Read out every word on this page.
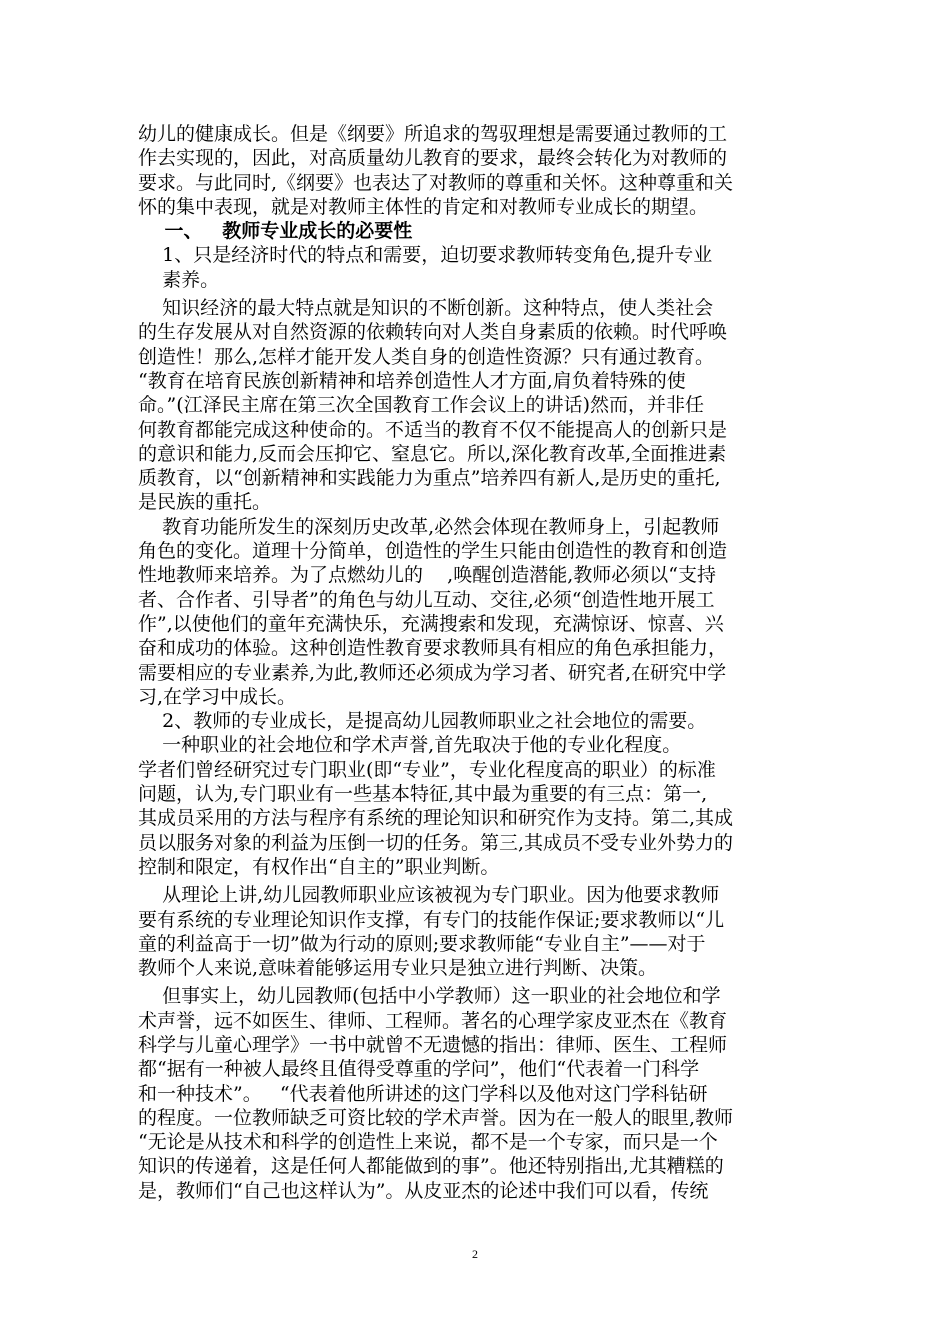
幼儿的健康成长。但是《纲要》所追求的驾驭理想是需要通过教师的工
作去实现的，因此，对高质量幼儿教育的要求，最终会转化为对教师的
要求。与此同时,《纲要》也表达了对教师的尊重和关怀。这种尊重和关
怀的集中表现，就是对教师主体性的肯定和对教师专业成长的期望。
一、   教师专业成长的必要性
1、只是经济时代的特点和需要，迫切要求教师转变角色,提升专业
素养。
知识经济的最大特点就是知识的不断创新。这种特点，使人类社会
的生存发展从对自然资源的依赖转向对人类自身素质的依赖。时代呼唤
创造性！那么,怎样才能开发人类自身的创造性资源？只有通过教育。
“教育在培育民族创新精神和培养创造性人才方面,肩负着特殊的使
命。”(江泽民主席在第三次全国教育工作会议上的讲话)然而，并非任
何教育都能完成这种使命的。不适当的教育不仅不能提高人的创新只是
的意识和能力,反而会压抑它、窒息它。所以,深化教育改革,全面推进素
质教育，以“创新精神和实践能力为重点”培养四有新人,是历史的重托,
是民族的重托。
教育功能所发生的深刻历史改革,必然会体现在教师身上，引起教师
角色的变化。道理十分简单，创造性的学生只能由创造性的教育和创造
性地教师来培养。为了点燃幼儿的    ,唤醒创造潜能,教师必须以“支持
者、合作者、引导者”的角色与幼儿互动、交往,必须“创造性地开展工
作”,以使他们的童年充满快乐，充满搜索和发现，充满惊讶、惊喜、兴
奋和成功的体验。这种创造性教育要求教师具有相应的角色承担能力，
需要相应的专业素养,为此,教师还必须成为学习者、研究者,在研究中学
习,在学习中成长。
2、教师的专业成长，是提高幼儿园教师职业之社会地位的需要。
一种职业的社会地位和学术声誉,首先取决于他的专业化程度。
学者们曾经研究过专门职业(即“专业”，专业化程度高的职业）的标准
问题，认为,专门职业有一些基本特征,其中最为重要的有三点：第一,
其成员采用的方法与程序有系统的理论知识和研究作为支持。第二,其成
员以服务对象的利益为压倒一切的任务。第三,其成员不受专业外势力的
控制和限定，有权作出“自主的”职业判断。
从理论上讲,幼儿园教师职业应该被视为专门职业。因为他要求教师
要有系统的专业理论知识作支撑，有专门的技能作保证;要求教师以“儿
童的利益高于一切”做为行动的原则;要求教师能“专业自主”——对于
教师个人来说,意味着能够运用专业只是独立进行判断、决策。
但事实上，幼儿园教师(包括中小学教师）这一职业的社会地位和学
术声誉，远不如医生、律师、工程师。著名的心理学家皮亚杰在《教育
科学与儿童心理学》一书中就曾不无遗憾的指出：律师、医生、工程师
都“据有一种被人最终且值得受尊重的学问”，他们“代表着一门科学
和一种技术”。   “代表着他所讲述的这门学科以及他对这门学科钻研
的程度。一位教师缺乏可资比较的学术声誉。因为在一般人的眼里,教师
“无论是从技术和科学的创造性上来说，都不是一个专家，而只是一个
知识的传递着，这是任何人都能做到的事”。他还特别指出,尤其糟糕的
是，教师们“自己也这样认为”。从皮亚杰的论述中我们可以看，传统
2
